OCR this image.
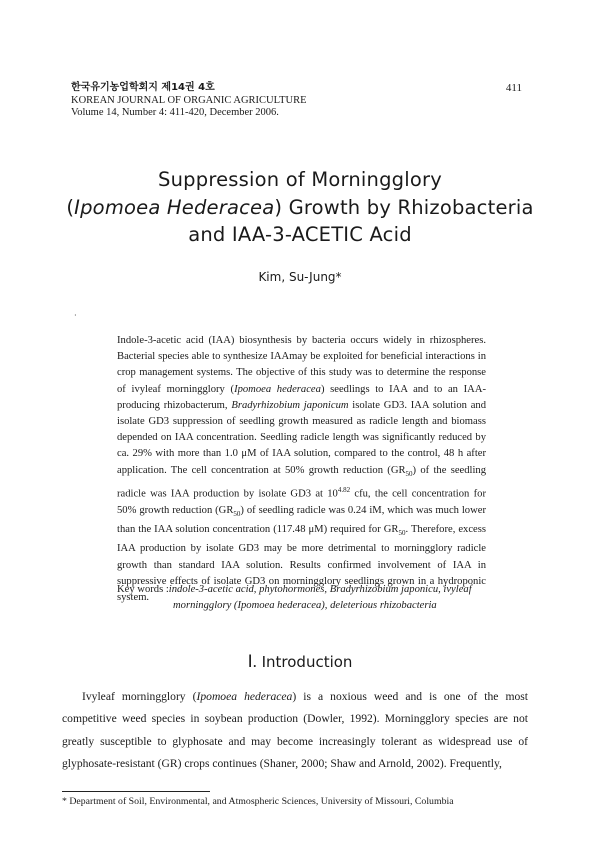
한국유기농업학회지 제14권 4호
KOREAN JOURNAL OF ORGANIC AGRICULTURE
Volume 14, Number 4: 411-420, December 2006.
411
Suppression of Morningglory
(Ipomoea Hederacea) Growth by Rhizobacteria
and IAA-3-ACETIC Acid
Kim, Su-Jung*
·
Indole-3-acetic acid (IAA) biosynthesis by bacteria occurs widely in rhizospheres. Bacterial species able to synthesize IAAmay be exploited for beneficial interactions in crop management systems. The objective of this study was to determine the response of ivyleaf morningglory (Ipomoea hederacea) seedlings to IAA and to an IAA-producing rhizobacterum, Bradyrhizobium japonicum isolate GD3. IAA solution and isolate GD3 suppression of seedling growth measured as radicle length and biomass depended on IAA concentration. Seedling radicle length was significantly reduced by ca. 29% with more than 1.0 μM of IAA solution, compared to the control, 48 h after application. The cell concentration at 50% growth reduction $(GR_{50})$ of the seedling radicle was IAA production by isolate GD3 at $10^{4.82}$ cfu, the cell concentration for 50% growth reduction $(GR_{50})$ of seedling radicle was 0.24 iM, which was much lower than the IAA solution concentration (117.48 μM) required for $GR_{50}$. Therefore, excess IAA production by isolate GD3 may be more detrimental to morningglory radicle growth than standard IAA solution. Results confirmed involvement of IAA in suppressive effects of isolate GD3 on morningglory seedlings grown in a hydroponic system.
Key words :indole-3-acetic acid, phytohormones, Bradyrhizobium japonicu, ivyleaf
morningglory (Ipomoea hederacea), deleterious rhizobacteria
Ⅰ. Introduction

Ivyleaf morningglory (Ipomoea hederacea) is a noxious weed and is one of the most competitive weed species in soybean production (Dowler, 1992). Morningglory species are not greatly susceptible to glyphosate and may become increasingly tolerant as widespread use of glyphosate-resistant (GR) crops continues (Shaner, 2000; Shaw and Arnold, 2002). Frequently,

* Department of Soil, Environmental, and Atmospheric Sciences, University of Missouri, Columbia
